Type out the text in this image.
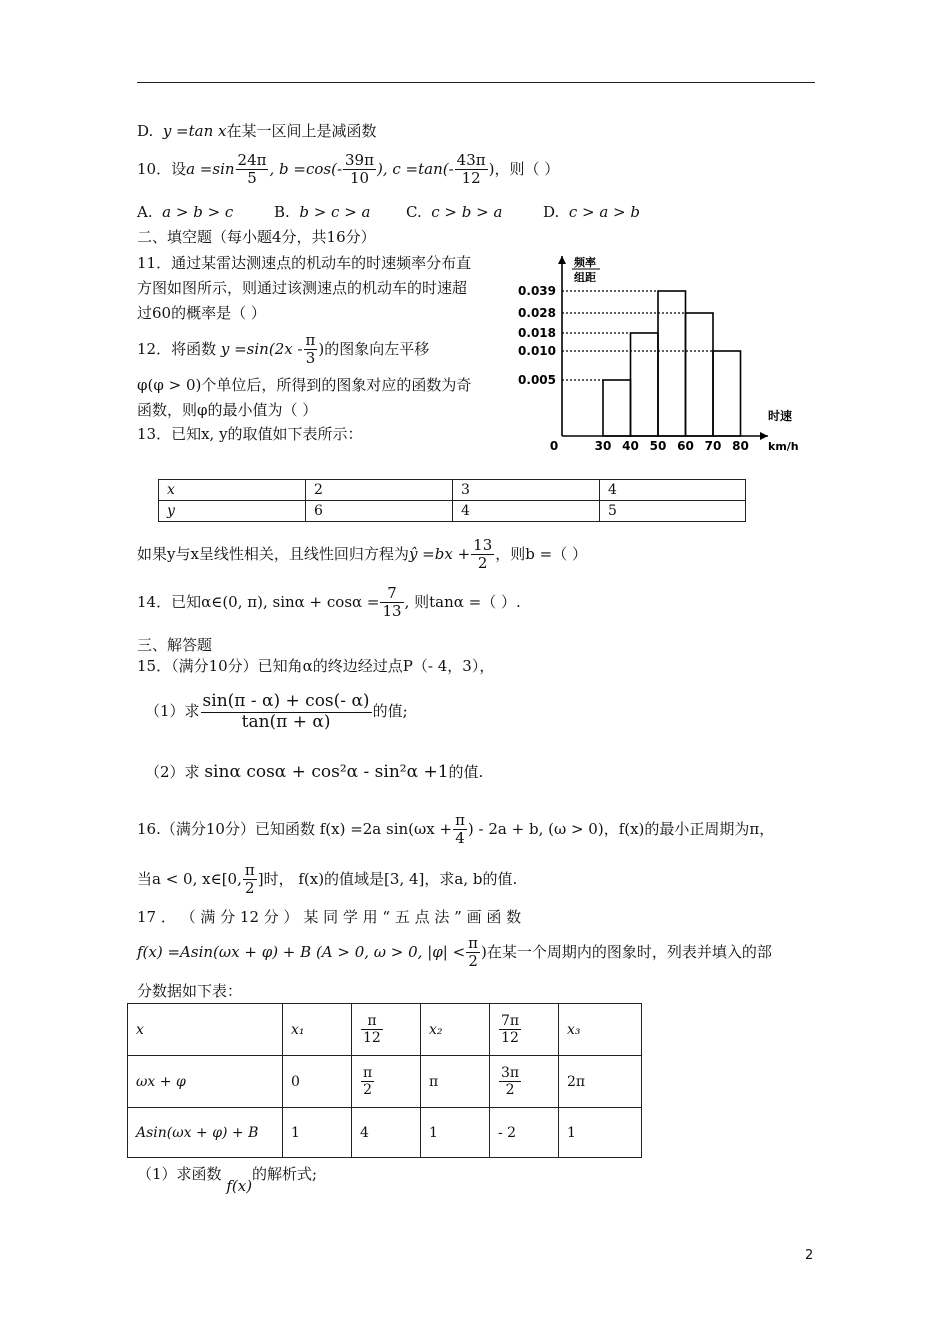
D. y =tan x在某一区间上是减函数
10．设$a =\sin \frac{24\pi}{5}$ , $b =\cos(- \frac{39\pi}{10}$ ), $c =\tan(- \frac{43\pi}{12}$ )，则（ ）
A. a > b > c	B. b > c > a C. c > b > a	D. c > a > b
二、填空题（每小题4分，共16分）
11．通过某雷达测速点的机动车的时速频率分布直
方图如图所示，则通过该测速点的机动车的时速超
过60的概率是（ ）
12．将函数 $y =\sin(2x - \frac{\pi}{3}$ )的图象向左平移
φ(φ > 0)个单位后，所得到的图象对应的函数为奇
函数，则φ的最小值为（ ）
频率
组距
0.039
0.028
0.018
0.010
0.005
0	30 40 50 60 70 80
时速
km/h
13．已知x, y的取值如下表所示：
x	2	3	4
y	6	4	5
如果y与x呈线性相关，且线性回归方程为ŷ $=bx + \frac{13}{2}$ ，则b =（ ）
14．已知α∈(0, π), $\sin\alpha + \cos\alpha = \frac{7}{13}$ , 则tanα =（ ）.
三、解答题
15．（满分10分）已知角α的终边经过点P（- 4，3），
（1）求 $\frac{\sin(\pi - \alpha) + \cos(- \alpha)}{\tan(\pi + \alpha)}$ 的值;
（2）求 sinα cosα + cos²α - sin²α +1的值.
16.（满分10分）已知函数 f(x) =2a $\sin(\omega x + \frac{\pi}{4}$ ) - 2a + b, (ω > 0)，f(x)的最小正周期为π，
当a < 0, x∈[0, $\frac{\pi}{2}$ ]时， f(x)的值域是[3, 4]，求a, b的值.
17 ． （ 满 分 12 分 ） 某 同 学 用 “ 五 点 法 ” 画 函 数
f(x) =Asin(ωx + φ) + B (A > 0, ω > 0, $|\varphi| < \frac{\pi}{2}$ )在某一个周期内的图象时，列表并填入的部
分数据如下表：
x	x₁	$\frac{\pi}{12}$	x₂	$\frac{7\pi}{12}$	x₃
ωx + φ	0	$\frac{\pi}{2}$	π	$\frac{3\pi}{2}$	2π
Asin(ωx + φ) + B	1	4	1	- 2	1
（1）求函数 f(x)的解析式;
2
